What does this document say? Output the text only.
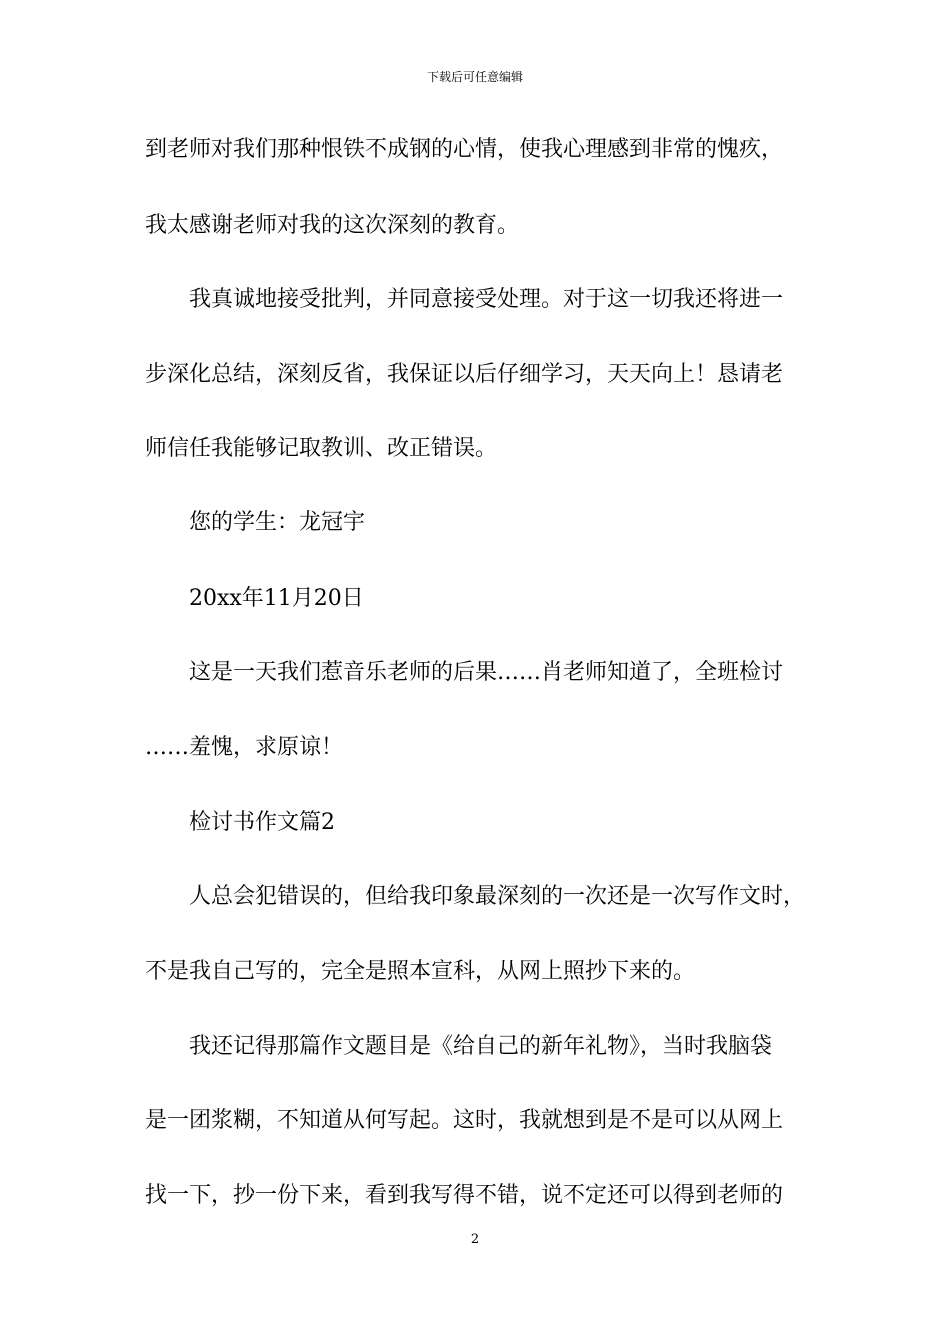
下载后可任意编辑
到老师对我们那种恨铁不成钢的心情，使我心理感到非常的愧疚，
我太感谢老师对我的这次深刻的教育。
我真诚地接受批判，并同意接受处理。对于这一切我还将进一
步深化总结，深刻反省，我保证以后仔细学习，天天向上！恳请老
师信任我能够记取教训、改正错误。
您的学生：龙冠宇
20xx年11月20日
这是一天我们惹音乐老师的后果……肖老师知道了，全班检讨
……羞愧，求原谅！
检讨书作文篇2
人总会犯错误的，但给我印象最深刻的一次还是一次写作文时，
不是我自己写的，完全是照本宣科，从网上照抄下来的。
我还记得那篇作文题目是《给自己的新年礼物》，当时我脑袋
是一团浆糊，不知道从何写起。这时，我就想到是不是可以从网上
找一下，抄一份下来，看到我写得不错，说不定还可以得到老师的
2
